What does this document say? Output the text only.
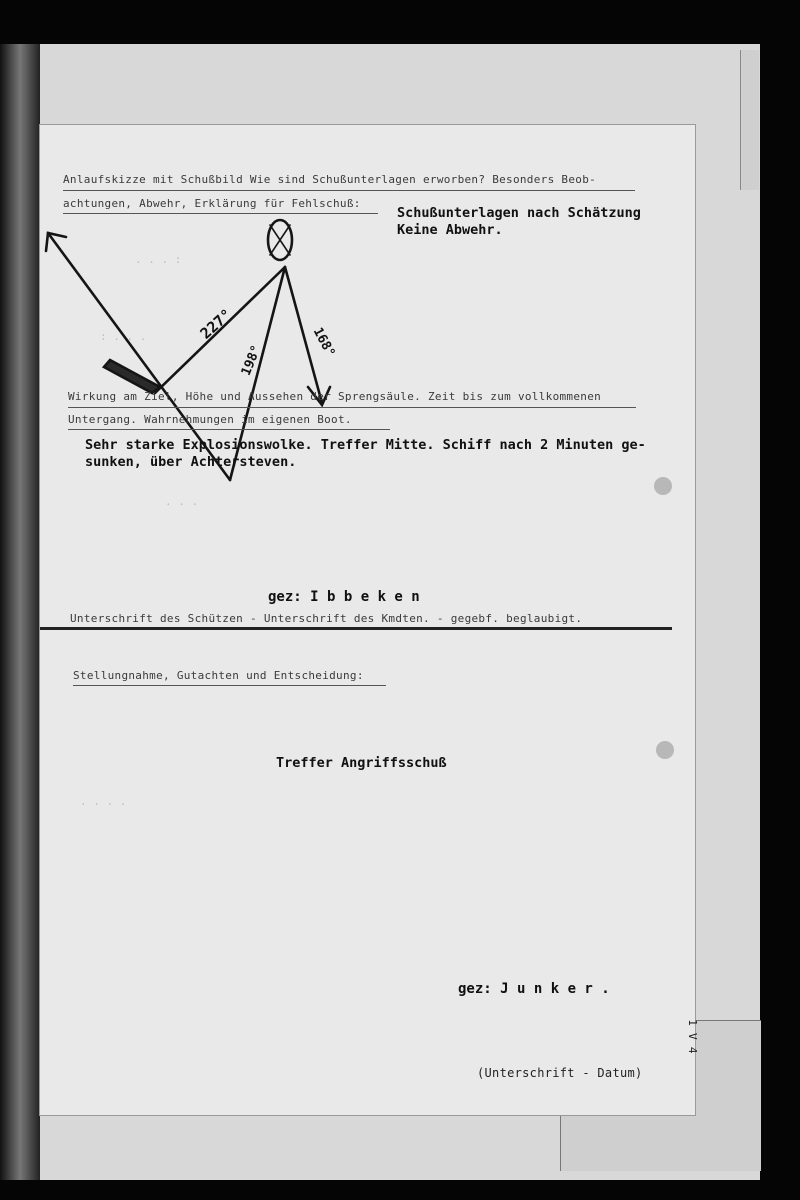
. . . :
: . . .
. . .
. . . .
Anlaufskizze mit Schußbild Wie sind Schußunterlagen erworben? Besonders Beob-
achtungen, Abwehr, Erklärung für Fehlschuß:
Schußunterlagen nach Schätzung
Keine Abwehr.
227°
198°
168°
Wirkung am Ziel, Höhe und Aussehen der Sprengsäule. Zeit bis zum vollkommenen
Untergang. Wahrnehmungen im eigenen Boot.
Sehr starke Explosionswolke. Treffer Mitte. Schiff nach 2 Minuten ge-
sunken, über Achtersteven.
gez: I b b e k e n
Unterschrift des Schützen - Unterschrift des Kmdten. - gegebf. beglaubigt.
Stellungnahme, Gutachten und Entscheidung:
Treffer Angriffsschuß
gez: J u n k e r .
(Unterschrift - Datum)
1 V 4
